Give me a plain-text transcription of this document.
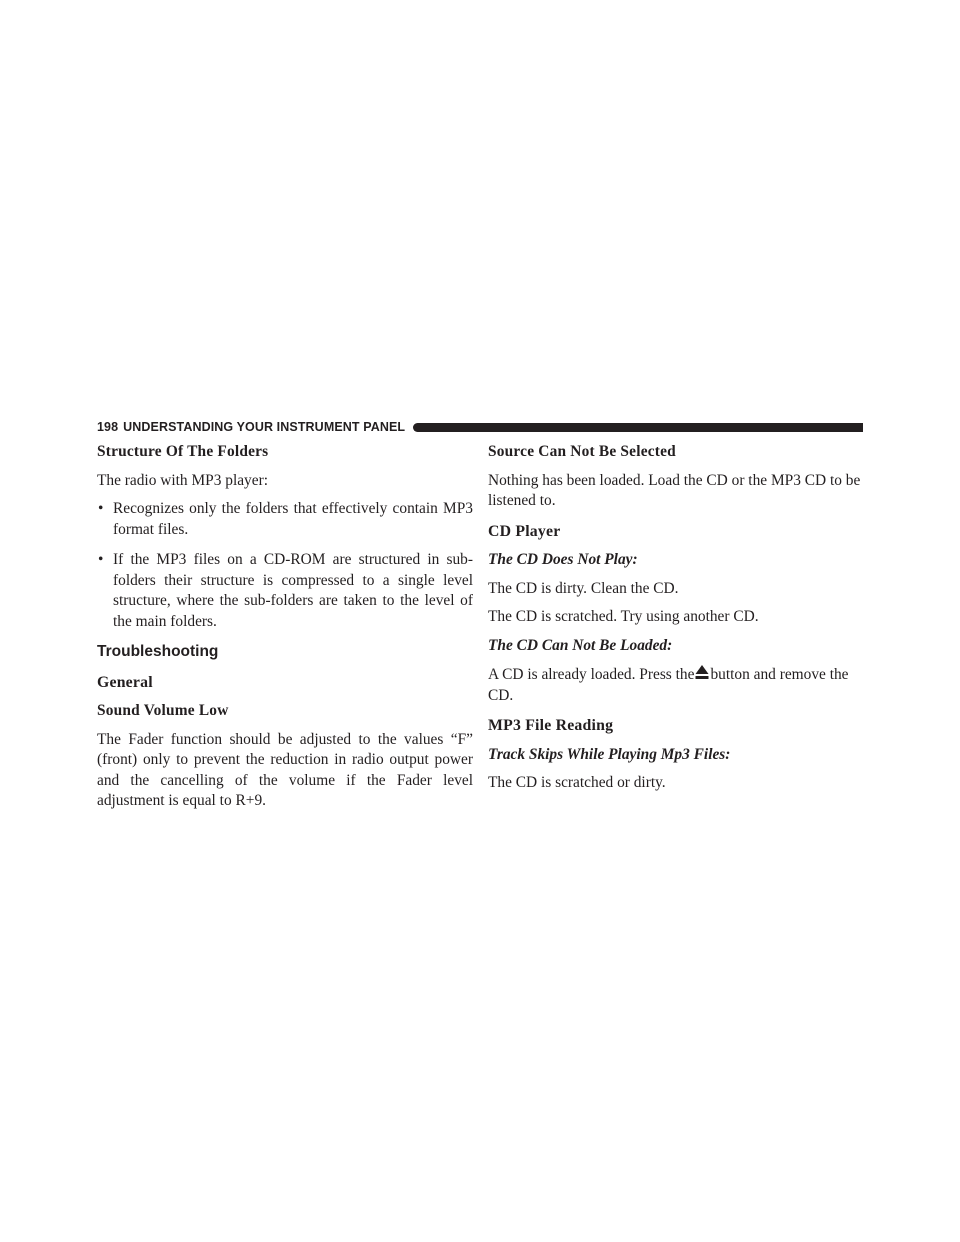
198 UNDERSTANDING YOUR INSTRUMENT PANEL

Structure Of The Folders

The radio with MP3 player:

• Recognizes only the folders that effectively contain MP3 format files.
• If the MP3 files on a CD-ROM are structured in sub-folders their structure is compressed to a single level structure, where the sub-folders are taken to the level of the main folders.

Troubleshooting

General

Sound Volume Low

The Fader function should be adjusted to the values “F” (front) only to prevent the reduction in radio output power and the cancelling of the volume if the Fader level adjustment is equal to R+9.

Source Can Not Be Selected

Nothing has been loaded. Load the CD or the MP3 CD to be listened to.

CD Player

The CD Does Not Play:

The CD is dirty. Clean the CD.

The CD is scratched. Try using another CD.

The CD Can Not Be Loaded:

A CD is already loaded. Press the button and remove the CD.

MP3 File Reading

Track Skips While Playing Mp3 Files:

The CD is scratched or dirty.
